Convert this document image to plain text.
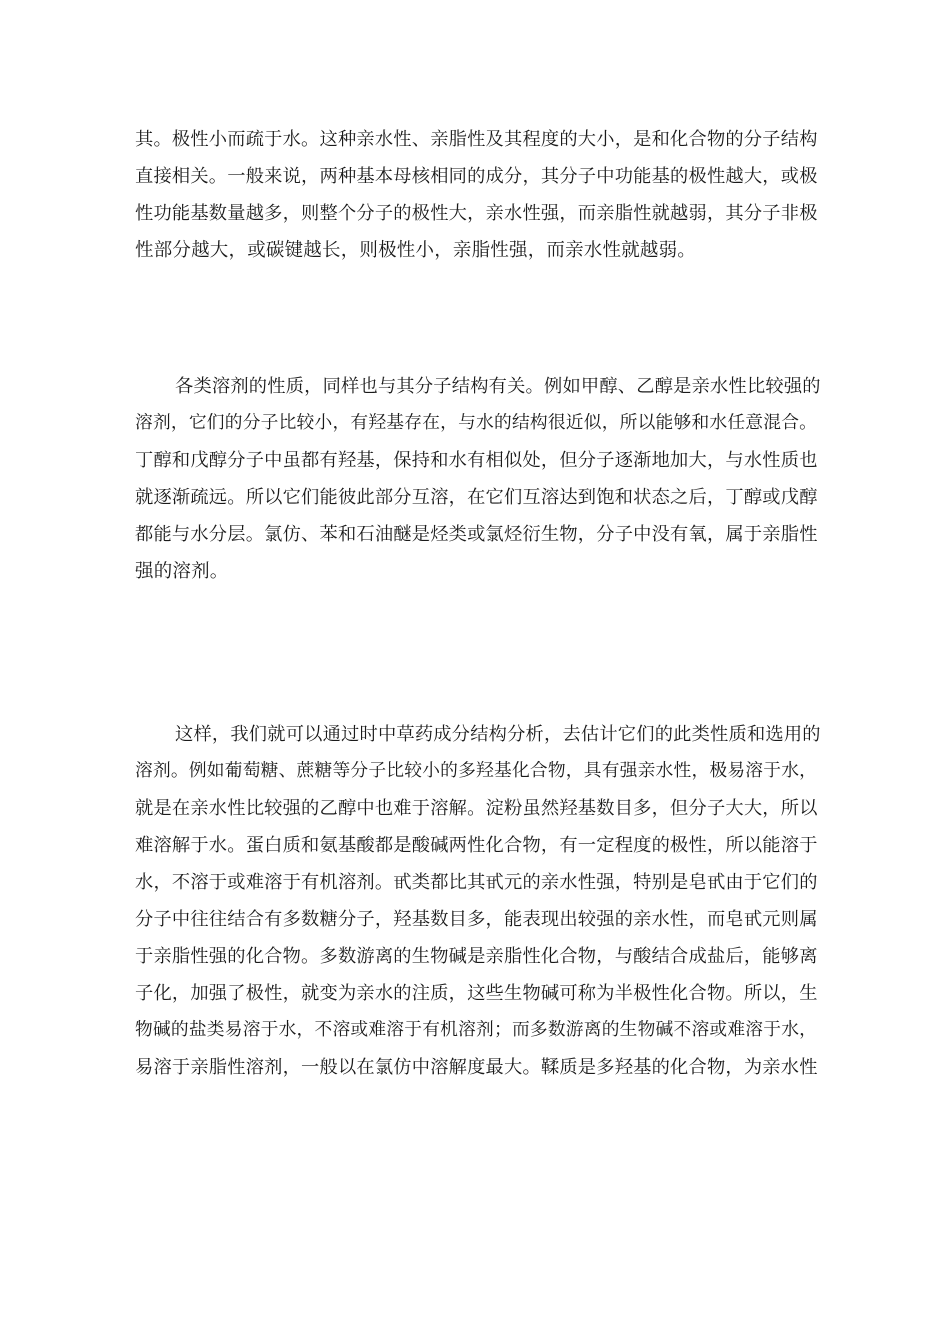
其。极性小而疏于水。这种亲水性、亲脂性及其程度的大小，是和化合物的分子结构
直接相关。一般来说，两种基本母核相同的成分，其分子中功能基的极性越大，或极
性功能基数量越多，则整个分子的极性大，亲水性强，而亲脂性就越弱，其分子非极
性部分越大，或碳键越长，则极性小，亲脂性强，而亲水性就越弱。
各类溶剂的性质，同样也与其分子结构有关。例如甲醇、乙醇是亲水性比较强的
溶剂，它们的分子比较小，有羟基存在，与水的结构很近似，所以能够和水任意混合。
丁醇和戊醇分子中虽都有羟基，保持和水有相似处，但分子逐渐地加大，与水性质也
就逐渐疏远。所以它们能彼此部分互溶，在它们互溶达到饱和状态之后，丁醇或戊醇
都能与水分层。氯仿、苯和石油醚是烃类或氯烃衍生物，分子中没有氧，属于亲脂性
强的溶剂。
这样，我们就可以通过时中草药成分结构分析，去估计它们的此类性质和选用的
溶剂。例如葡萄糖、蔗糖等分子比较小的多羟基化合物，具有强亲水性，极易溶于水，
就是在亲水性比较强的乙醇中也难于溶解。淀粉虽然羟基数目多，但分子大大，所以
难溶解于水。蛋白质和氨基酸都是酸碱两性化合物，有一定程度的极性，所以能溶于
水，不溶于或难溶于有机溶剂。甙类都比其甙元的亲水性强，特别是皂甙由于它们的
分子中往往结合有多数糖分子，羟基数目多，能表现出较强的亲水性，而皂甙元则属
于亲脂性强的化合物。多数游离的生物碱是亲脂性化合物，与酸结合成盐后，能够离
子化，加强了极性，就变为亲水的注质，这些生物碱可称为半极性化合物。所以，生
物碱的盐类易溶于水，不溶或难溶于有机溶剂；而多数游离的生物碱不溶或难溶于水，
易溶于亲脂性溶剂，一般以在氯仿中溶解度最大。鞣质是多羟基的化合物，为亲水性
